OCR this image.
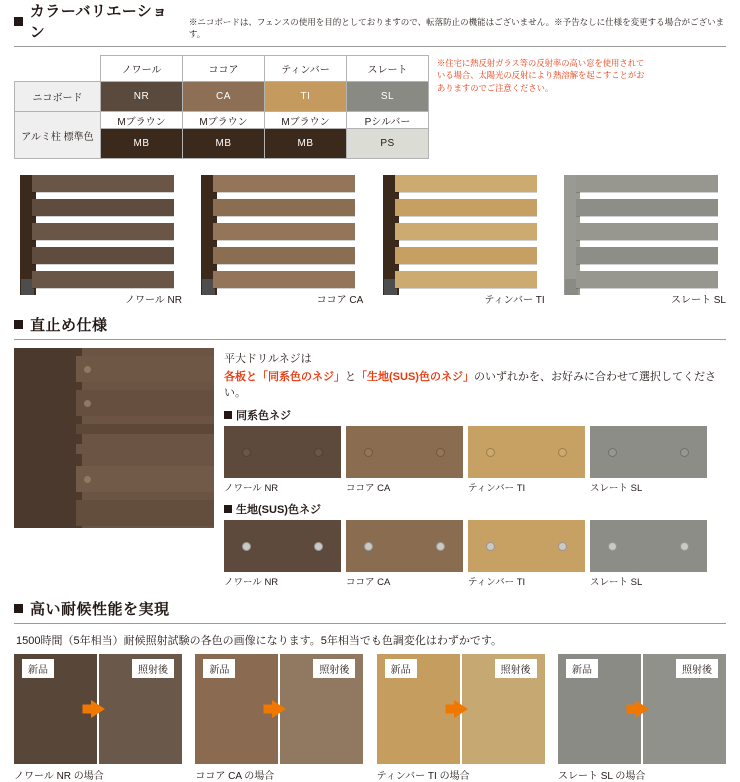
カラーバリエーション
※ニコボードは、フェンスの使用を目的としておりますので、転落防止の機能はございません。※予告なしに仕様を変更する場合がございます。
	ノワール	ココア	ティンバー	スレート
ニコボード	NR	CA	TI	SL
アルミ柱 標準色	Mブラウン	Mブラウン	Mブラウン	Pシルバー
	MB	MB	MB	PS
※住宅に熱反射ガラス等の反射率の高い窓を使用されている場合、太陽光の反射により熱溶解を起こすことがおありますのでご注意ください。
ノワール NR	ココア CA	ティンバー TI	スレート SL
直止め仕様
平大ドリルネジは
各板と「同系色のネジ」と「生地(SUS)色のネジ」のいずれかを、お好みに合わせて選択してください。
同系色ネジ
ノワール NR	ココア CA	ティンバー TI	スレート SL
生地(SUS)色ネジ
ノワール NR	ココア CA	ティンバー TI	スレート SL
高い耐候性能を実現
1500時間（5年相当）耐候照射試験の各色の画像になります。5年相当でも色調変化はわずかです。
新品	照射後
ノワール NR の場合
新品	照射後
ココア CA の場合
新品	照射後
ティンバー TI の場合
新品	照射後
スレート SL の場合
